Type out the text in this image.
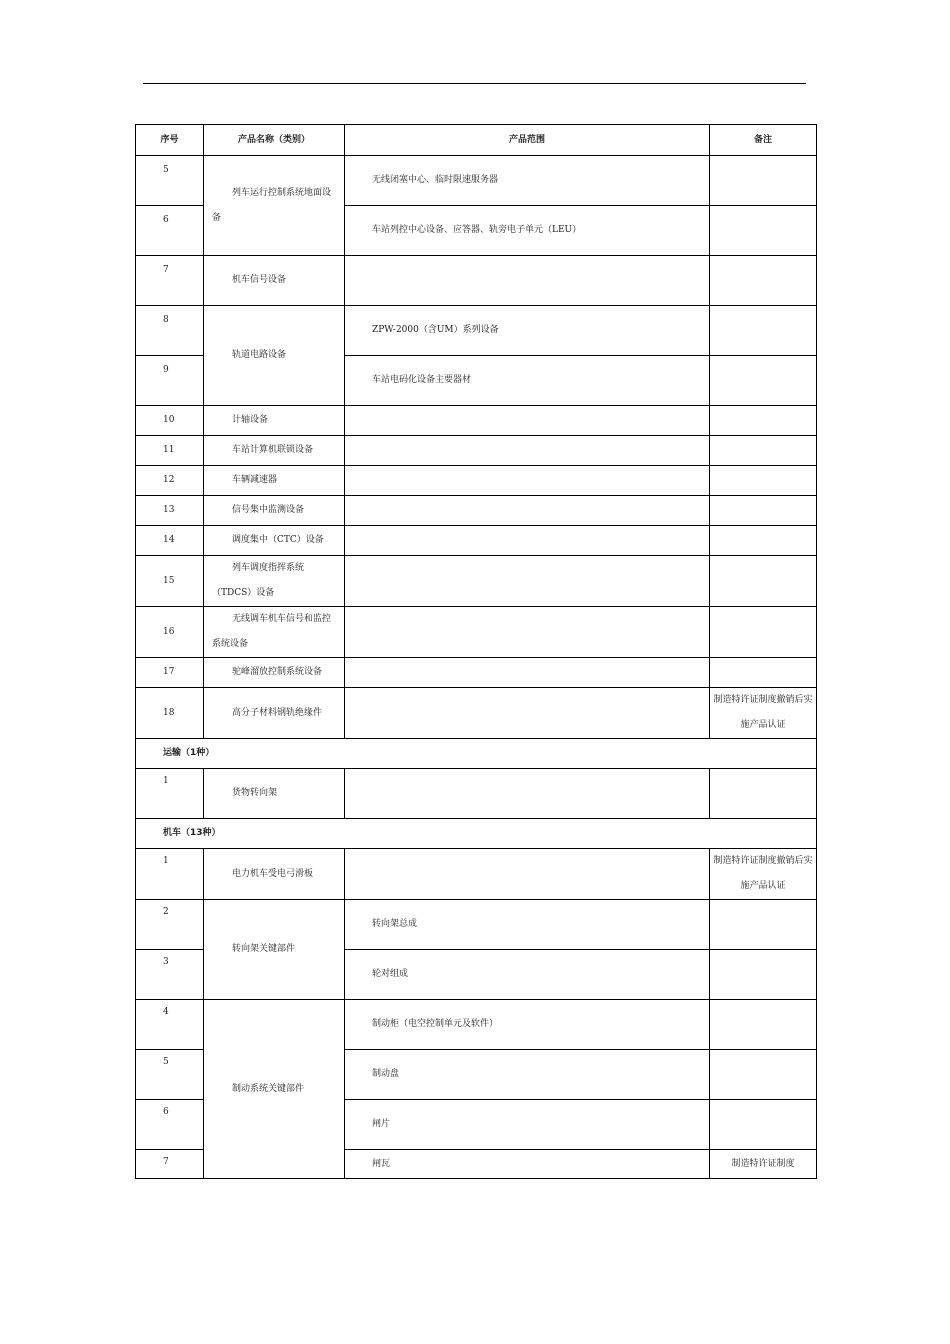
序号	产品名称（类别）	产品范围	备注
5	列车运行控制系统地面设备	无线闭塞中心、临时限速服务器	
6		车站列控中心设备、应答器、轨旁电子单元（LEU）	
7	机车信号设备		
8	轨道电路设备	ZPW-2000（含UM）系列设备	
9		车站电码化设备主要器材	
10	计轴设备		
11	车站计算机联锁设备		
12	车辆减速器		
13	信号集中监测设备		
14	调度集中（CTC）设备		
15	列车调度指挥系统（TDCS）设备		
16	无线调车机车信号和监控系统设备		
17	驼峰溜放控制系统设备		
18	高分子材料钢轨绝缘件		制造特许证制度撤销后实施产品认证
运输（1种）			
1	货物转向架		
机车（13种）			
1	电力机车受电弓滑板		制造特许证制度撤销后实施产品认证
2	转向架关键部件	转向架总成	
3		轮对组成	
4	制动系统关键部件	制动柜（电空控制单元及软件）	
5		制动盘	
6		闸片	
7		闸瓦	制造特许证制度
